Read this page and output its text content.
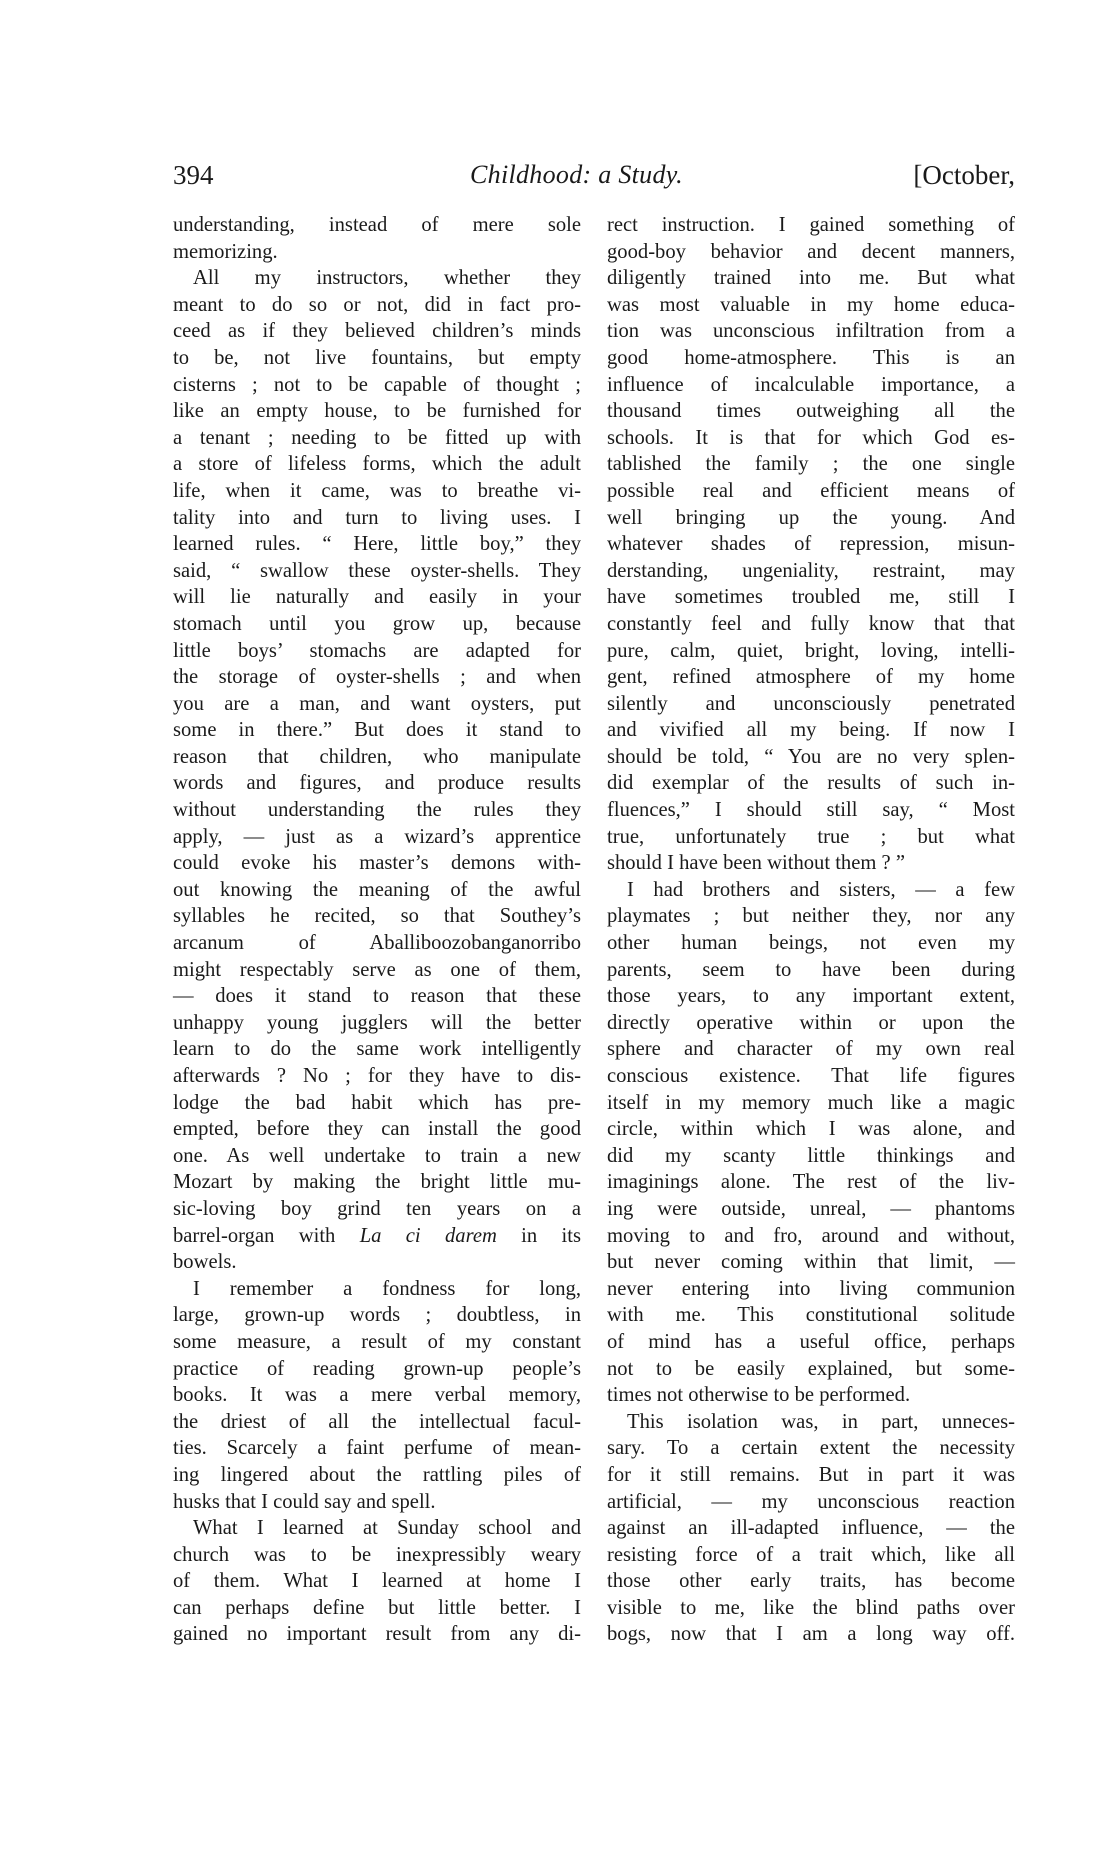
394	Childhood: a Study.	[October,
understanding, instead of mere sole
memorizing.
All my instructors, whether they
meant to do so or not, did in fact pro-
ceed as if they believed children’s minds
to be, not live fountains, but empty
cisterns ; not to be capable of thought ;
like an empty house, to be furnished for
a tenant ; needing to be fitted up with
a store of lifeless forms, which the adult
life, when it came, was to breathe vi-
tality into and turn to living uses. I
learned rules. “ Here, little boy,” they
said, “ swallow these oyster-shells. They
will lie naturally and easily in your
stomach until you grow up, because
little boys’ stomachs are adapted for
the storage of oyster-shells ; and when
you are a man, and want oysters, put
some in there.” But does it stand to
reason that children, who manipulate
words and figures, and produce results
without understanding the rules they
apply, — just as a wizard’s apprentice
could evoke his master’s demons with-
out knowing the meaning of the awful
syllables he recited, so that Southey’s
arcanum of Aballiboozobanganorribo
might respectably serve as one of them,
— does it stand to reason that these
unhappy young jugglers will the better
learn to do the same work intelligently
afterwards ? No ; for they have to dis-
lodge the bad habit which has pre-
empted, before they can install the good
one. As well undertake to train a new
Mozart by making the bright little mu-
sic-loving boy grind ten years on a
barrel-organ with La ci darem in its
bowels.
I remember a fondness for long,
large, grown-up words ; doubtless, in
some measure, a result of my constant
practice of reading grown-up people’s
books. It was a mere verbal memory,
the driest of all the intellectual facul-
ties. Scarcely a faint perfume of mean-
ing lingered about the rattling piles of
husks that I could say and spell.
What I learned at Sunday school and
church was to be inexpressibly weary
of them. What I learned at home I
can perhaps define but little better. I
gained no important result from any di-
rect instruction. I gained something of
good-boy behavior and decent manners,
diligently trained into me. But what
was most valuable in my home educa-
tion was unconscious infiltration from a
good home-atmosphere. This is an
influence of incalculable importance, a
thousand times outweighing all the
schools. It is that for which God es-
tablished the family ; the one single
possible real and efficient means of
well bringing up the young. And
whatever shades of repression, misun-
derstanding, ungeniality, restraint, may
have sometimes troubled me, still I
constantly feel and fully know that that
pure, calm, quiet, bright, loving, intelli-
gent, refined atmosphere of my home
silently and unconsciously penetrated
and vivified all my being. If now I
should be told, “ You are no very splen-
did exemplar of the results of such in-
fluences,” I should still say, “ Most
true, unfortunately true ; but what
should I have been without them ? ”
I had brothers and sisters, — a few
playmates ; but neither they, nor any
other human beings, not even my
parents, seem to have been during
those years, to any important extent,
directly operative within or upon the
sphere and character of my own real
conscious existence. That life figures
itself in my memory much like a magic
circle, within which I was alone, and
did my scanty little thinkings and
imaginings alone. The rest of the liv-
ing were outside, unreal, — phantoms
moving to and fro, around and without,
but never coming within that limit, —
never entering into living communion
with me. This constitutional solitude
of mind has a useful office, perhaps
not to be easily explained, but some-
times not otherwise to be performed.
This isolation was, in part, unneces-
sary. To a certain extent the necessity
for it still remains. But in part it was
artificial, — my unconscious reaction
against an ill-adapted influence, — the
resisting force of a trait which, like all
those other early traits, has become
visible to me, like the blind paths over
bogs, now that I am a long way off.
